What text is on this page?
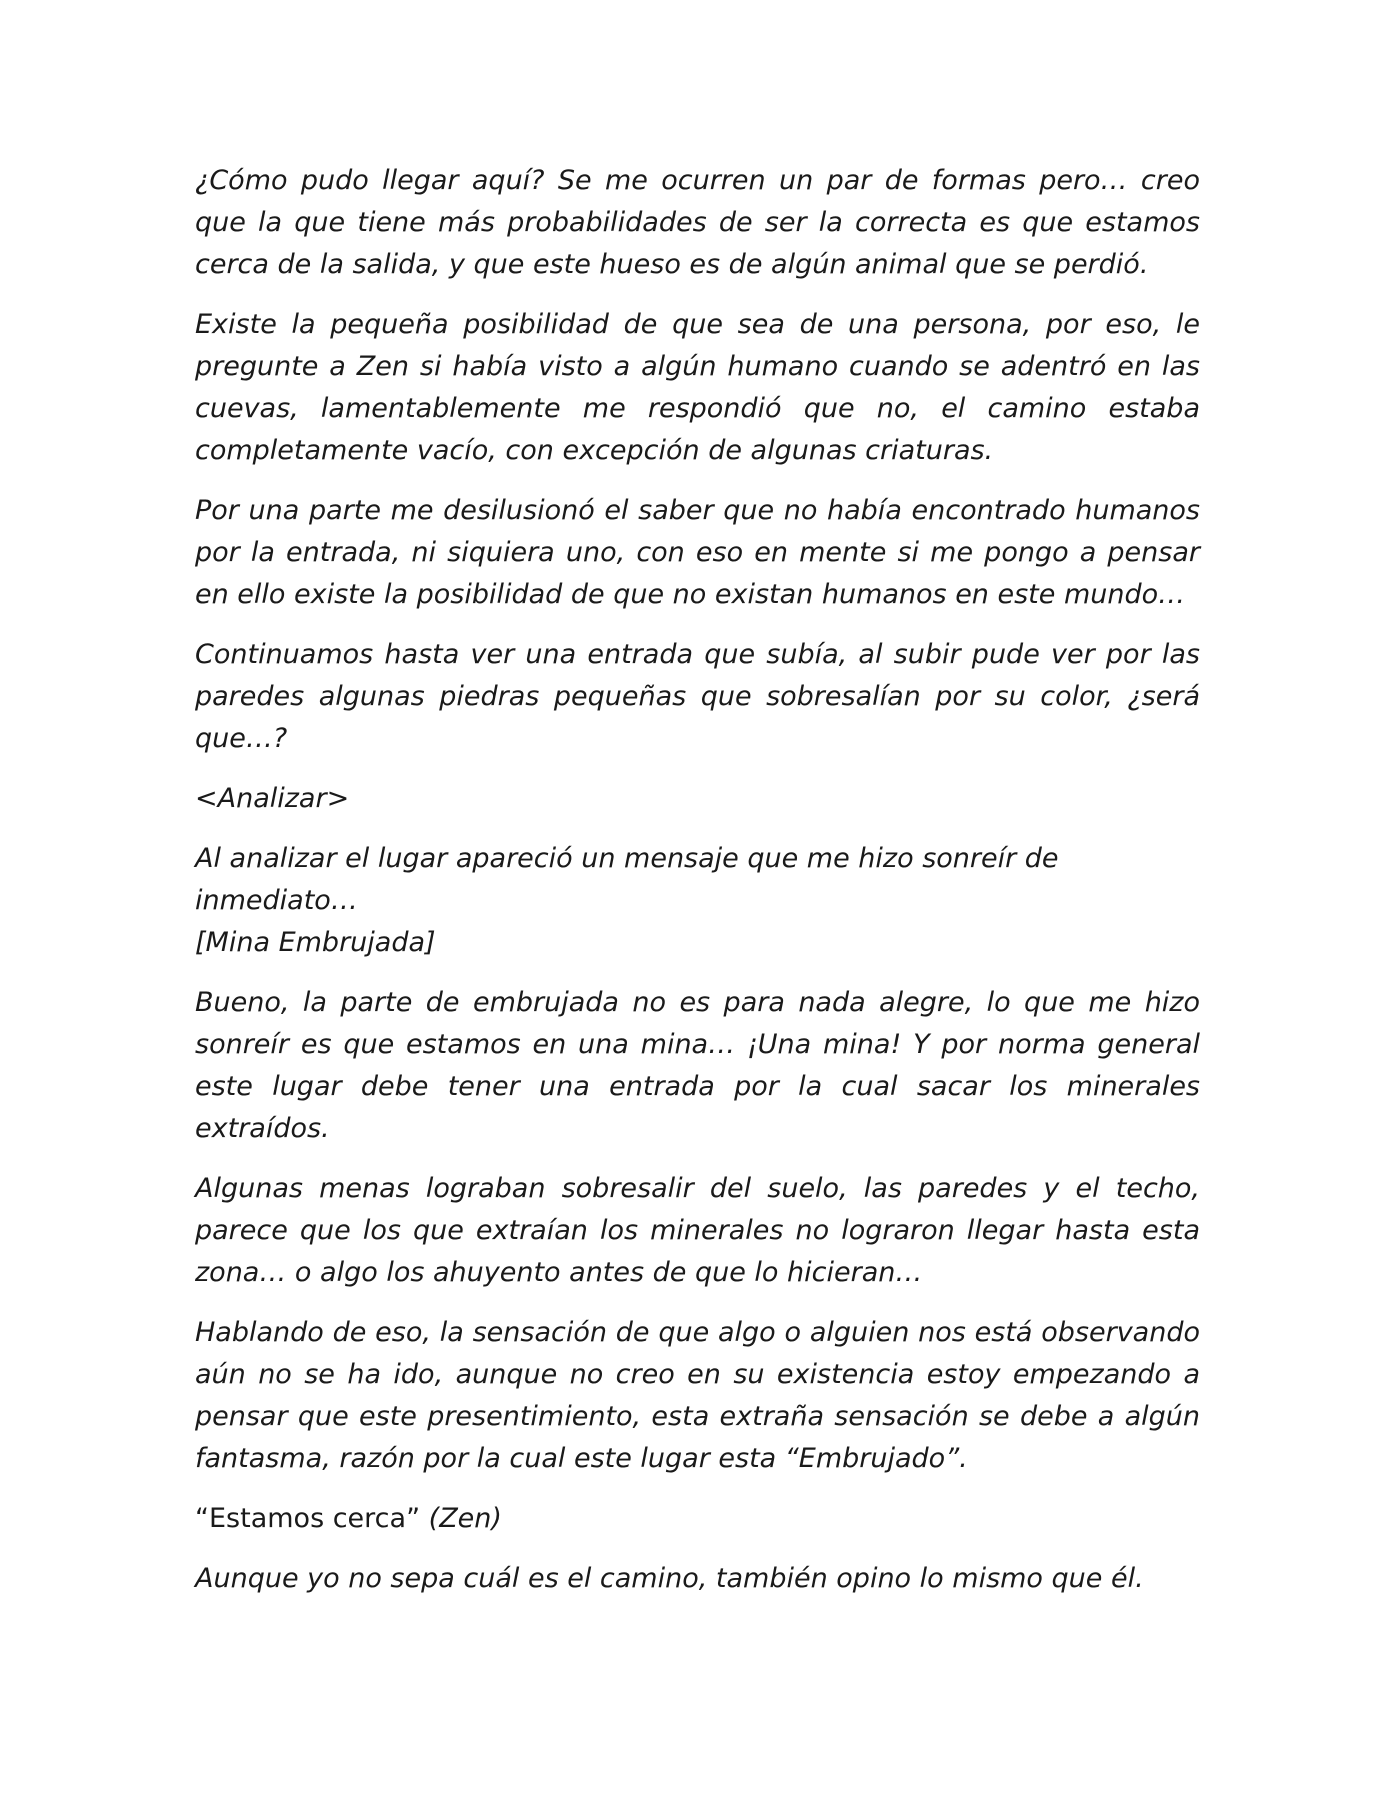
¿Cómo pudo llegar aquí? Se me ocurren un par de formas pero… creo que la que tiene más probabilidades de ser la correcta es que estamos cerca de la salida, y que este hueso es de algún animal que se perdió.

Existe la pequeña posibilidad de que sea de una persona, por eso, le pregunte a Zen si había visto a algún humano cuando se adentró en las cuevas, lamentablemente me respondió que no, el camino estaba completamente vacío, con excepción de algunas criaturas.

Por una parte me desilusionó el saber que no había encontrado humanos por la entrada, ni siquiera uno, con eso en mente si me pongo a pensar en ello existe la posibilidad de que no existan humanos en este mundo…

Continuamos hasta ver una entrada que subía, al subir pude ver por las paredes algunas piedras pequeñas que sobresalían por su color, ¿será que…?

<Analizar>

Al analizar el lugar apareció un mensaje que me hizo sonreír de inmediato…
[Mina Embrujada]

Bueno, la parte de embrujada no es para nada alegre, lo que me hizo sonreír es que estamos en una mina… ¡Una mina! Y por norma general este lugar debe tener una entrada por la cual sacar los minerales extraídos.

Algunas menas lograban sobresalir del suelo, las paredes y el techo, parece que los que extraían los minerales no lograron llegar hasta esta zona… o algo los ahuyento antes de que lo hicieran…

Hablando de eso, la sensación de que algo o alguien nos está observando aún no se ha ido, aunque no creo en su existencia estoy empezando a pensar que este presentimiento, esta extraña sensación se debe a algún fantasma, razón por la cual este lugar esta “Embrujado”.

“Estamos cerca” (Zen)

Aunque yo no sepa cuál es el camino, también opino lo mismo que él.
